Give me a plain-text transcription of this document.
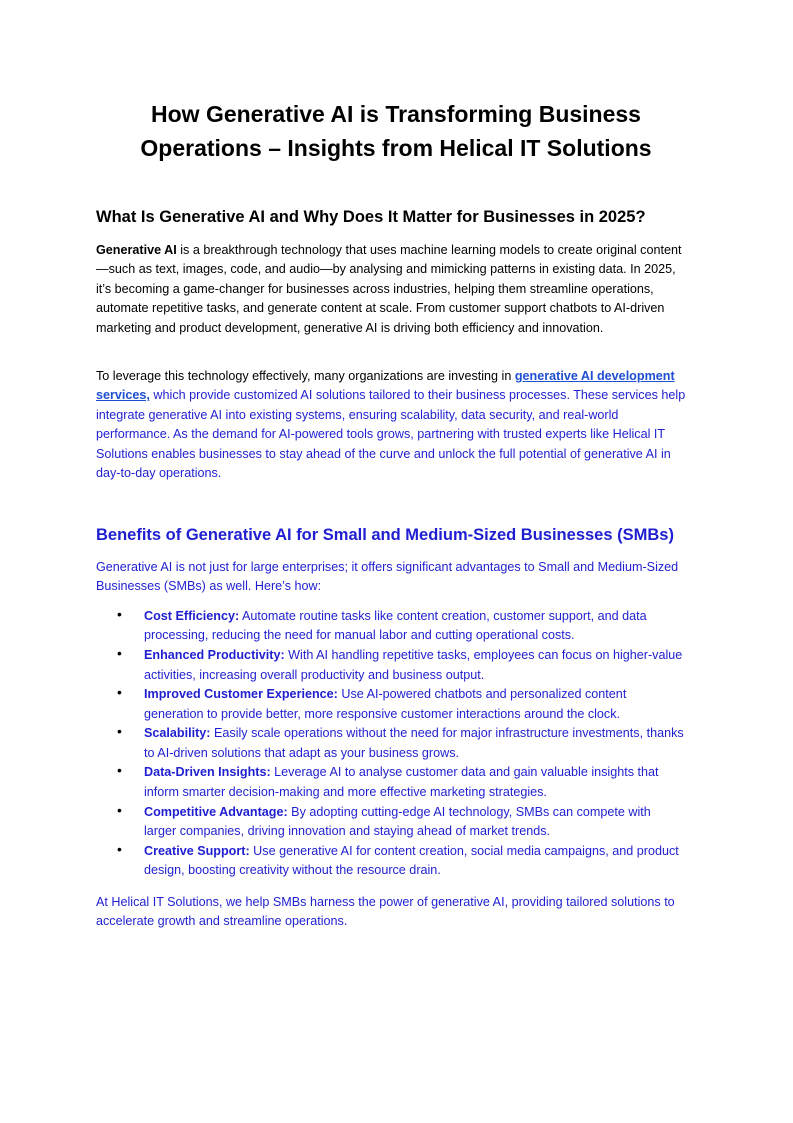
How Generative AI is Transforming Business Operations – Insights from Helical IT Solutions
What Is Generative AI and Why Does It Matter for Businesses in 2025?

Generative AI is a breakthrough technology that uses machine learning models to create original content—such as text, images, code, and audio—by analysing and mimicking patterns in existing data. In 2025, it’s becoming a game-changer for businesses across industries, helping them streamline operations, automate repetitive tasks, and generate content at scale. From customer support chatbots to AI-driven marketing and product development, generative AI is driving both efficiency and innovation.

To leverage this technology effectively, many organizations are investing in generative AI development services, which provide customized AI solutions tailored to their business processes. These services help integrate generative AI into existing systems, ensuring scalability, data security, and real-world performance. As the demand for AI-powered tools grows, partnering with trusted experts like Helical IT Solutions enables businesses to stay ahead of the curve and unlock the full potential of generative AI in day-to-day operations.

Benefits of Generative AI for Small and Medium-Sized Businesses (SMBs)

Generative AI is not just for large enterprises; it offers significant advantages to Small and Medium-Sized Businesses (SMBs) as well. Here’s how:

• Cost Efficiency: Automate routine tasks like content creation, customer support, and data processing, reducing the need for manual labor and cutting operational costs.
• Enhanced Productivity: With AI handling repetitive tasks, employees can focus on higher-value activities, increasing overall productivity and business output.
• Improved Customer Experience: Use AI-powered chatbots and personalized content generation to provide better, more responsive customer interactions around the clock.
• Scalability: Easily scale operations without the need for major infrastructure investments, thanks to AI-driven solutions that adapt as your business grows.
• Data-Driven Insights: Leverage AI to analyse customer data and gain valuable insights that inform smarter decision-making and more effective marketing strategies.
• Competitive Advantage: By adopting cutting-edge AI technology, SMBs can compete with larger companies, driving innovation and staying ahead of market trends.
• Creative Support: Use generative AI for content creation, social media campaigns, and product design, boosting creativity without the resource drain.

At Helical IT Solutions, we help SMBs harness the power of generative AI, providing tailored solutions to accelerate growth and streamline operations.
